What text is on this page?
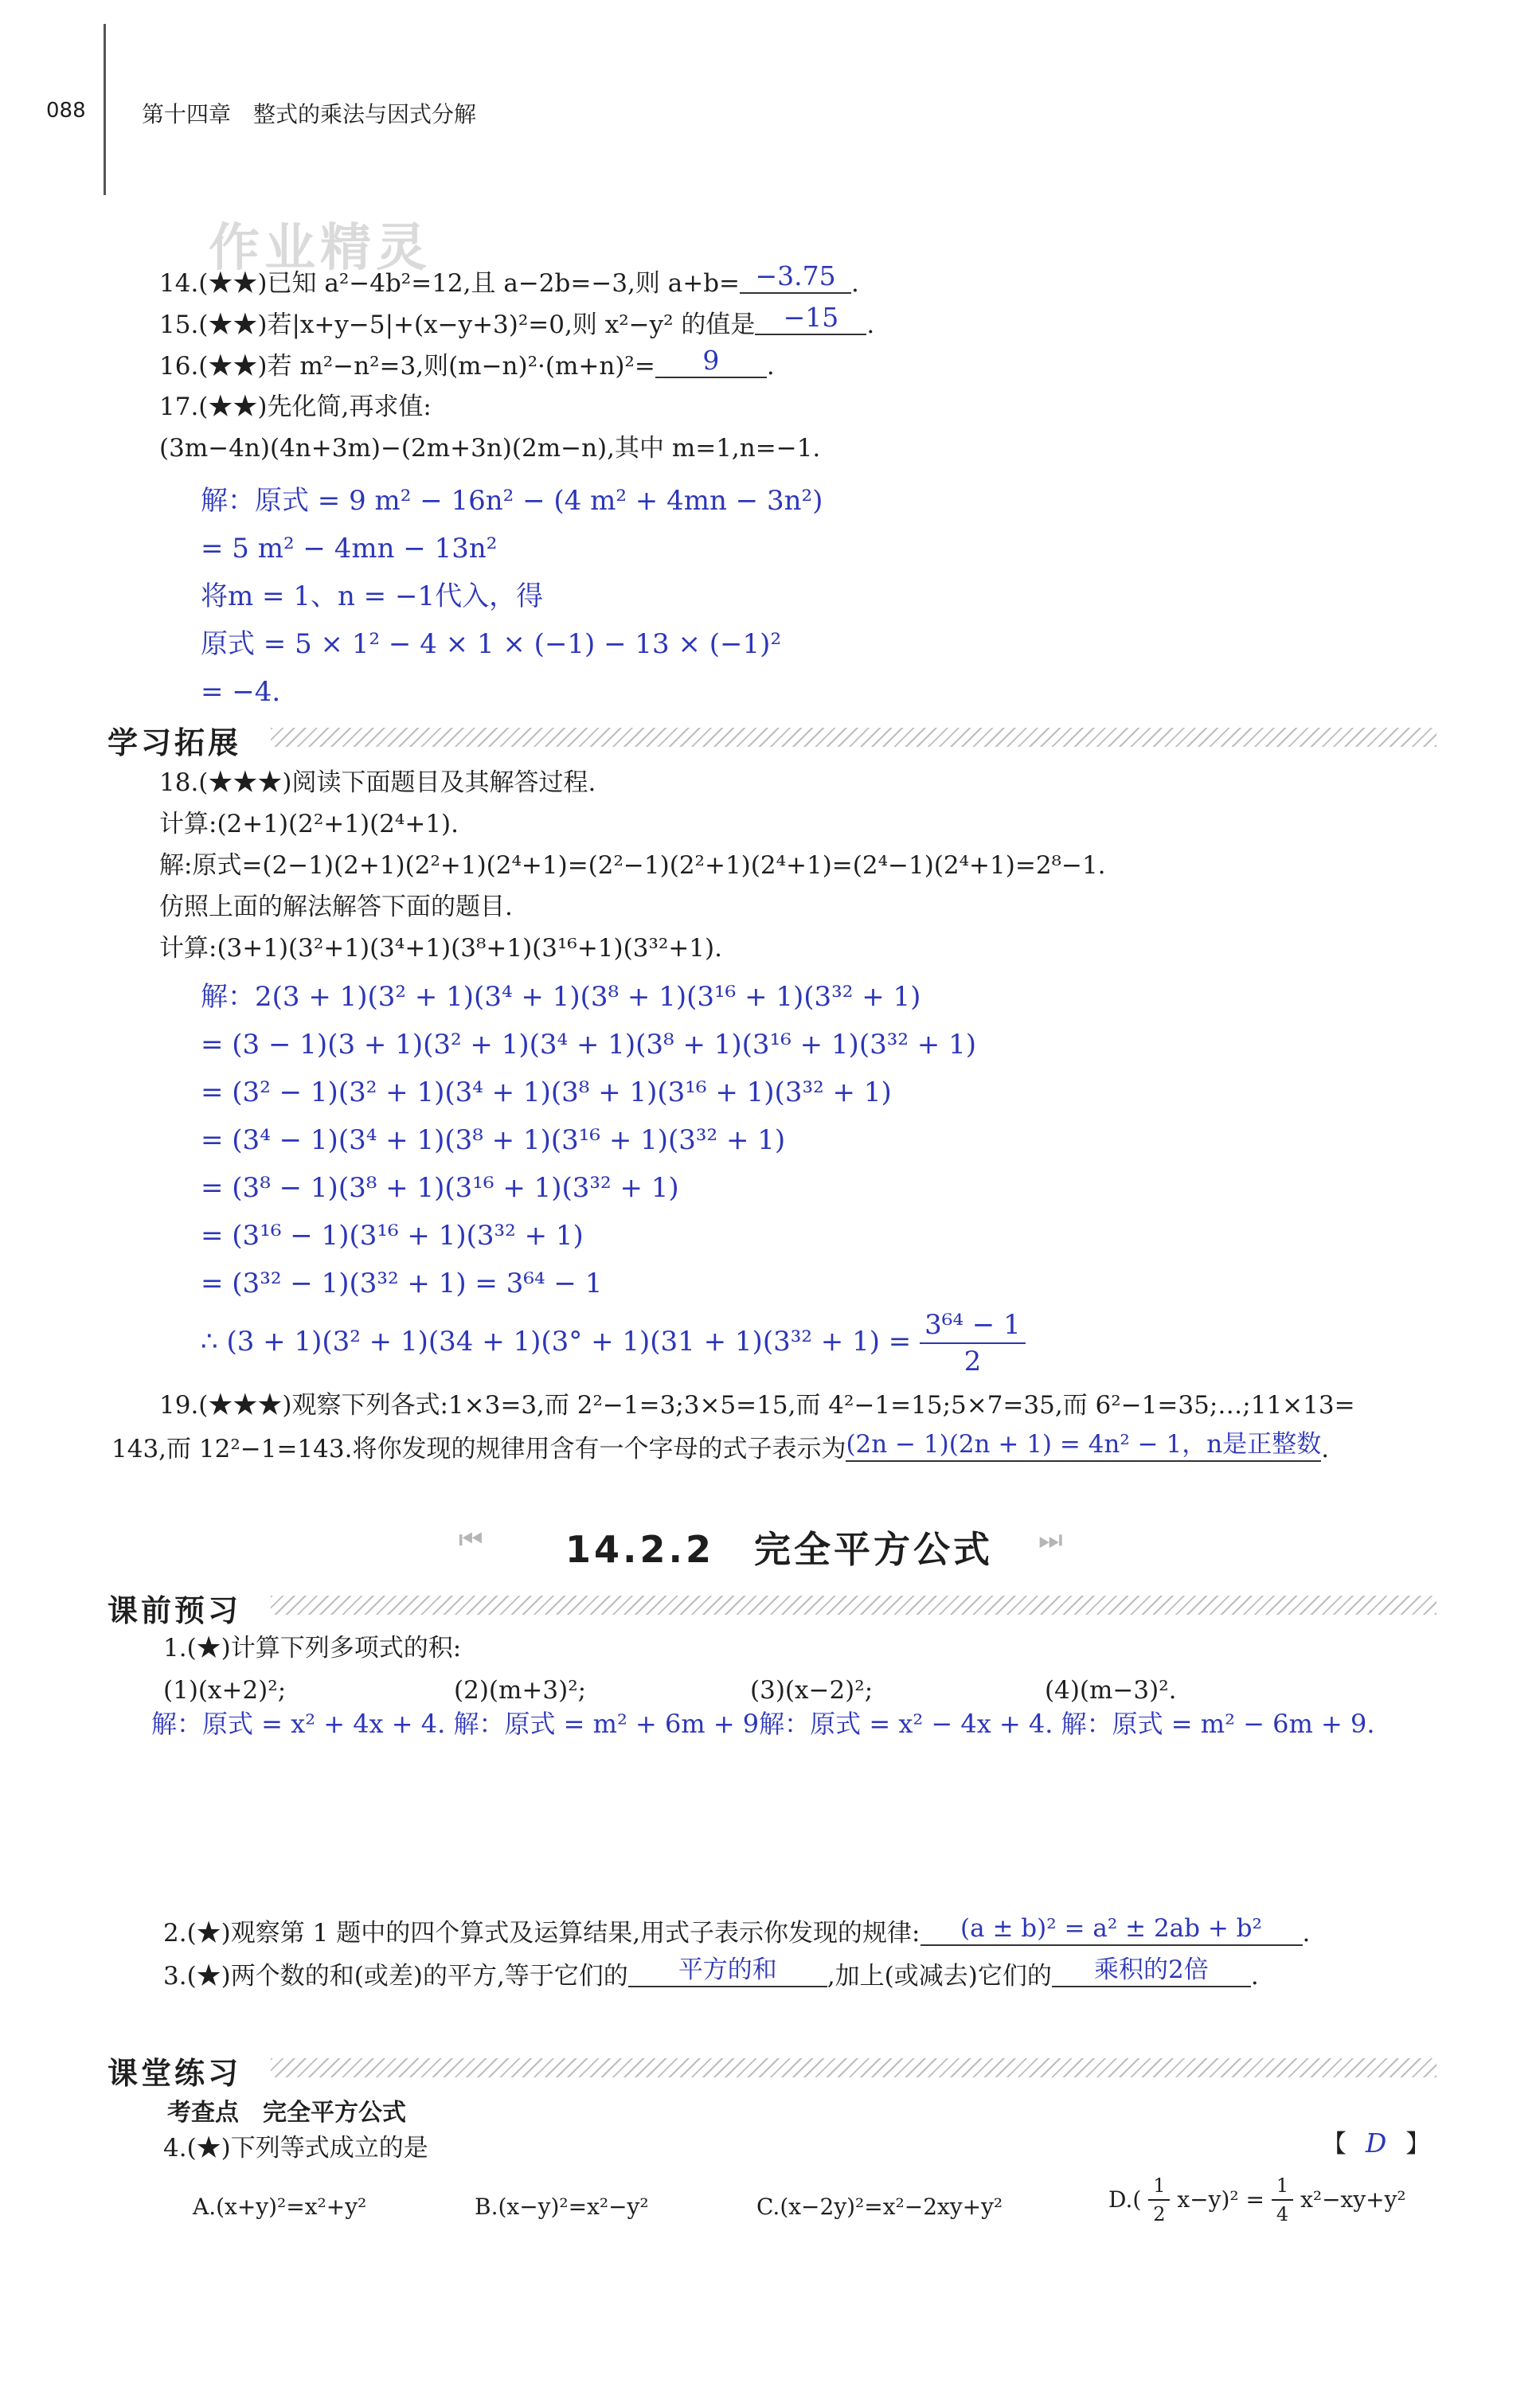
088	第十四章　整式的乘法与因式分解
作业精灵
14.(★★)已知 a²−4b²=12,且 a−2b=−3,则 a+b= −3.75 .
15.(★★)若|x+y−5|+(x−y+3)²=0,则 x²−y² 的值是 −15 .
16.(★★)若 m²−n²=3,则(m−n)²·(m+n)²= 9 .
17.(★★)先化简,再求值:
(3m−4n)(4n+3m)−(2m+3n)(2m−n),其中 m=1,n=−1.
解：原式 = 9 m² − 16n² − (4 m² + 4mn − 3n²)
= 5 m² − 4mn − 13n²
将m = 1、n = −1代入，得
原式 = 5 × 1² − 4 × 1 × (−1) − 13 × (−1)²
= −4.
学习拓展
18.(★★★)阅读下面题目及其解答过程.
计算:(2+1)(2²+1)(2⁴+1).
解:原式=(2−1)(2+1)(2²+1)(2⁴+1)=(2²−1)(2²+1)(2⁴+1)=(2⁴−1)(2⁴+1)=2⁸−1.
仿照上面的解法解答下面的题目.
计算:(3+1)(3²+1)(3⁴+1)(3⁸+1)(3¹⁶+1)(3³²+1).
解：2(3 + 1)(3² + 1)(3⁴ + 1)(3⁸ + 1)(3¹⁶ + 1)(3³² + 1)
= (3 − 1)(3 + 1)(3² + 1)(3⁴ + 1)(3⁸ + 1)(3¹⁶ + 1)(3³² + 1)
= (3² − 1)(3² + 1)(3⁴ + 1)(3⁸ + 1)(3¹⁶ + 1)(3³² + 1)
= (3⁴ − 1)(3⁴ + 1)(3⁸ + 1)(3¹⁶ + 1)(3³² + 1)
= (3⁸ − 1)(3⁸ + 1)(3¹⁶ + 1)(3³² + 1)
= (3¹⁶ − 1)(3¹⁶ + 1)(3³² + 1)
= (3³² − 1)(3³² + 1) = 3⁶⁴ − 1
∴ $(3 + 1)(3^2 + 1)(34 + 1)(3^\circ + 1)(31 + 1)(3^{32} + 1) = \frac{\text{3⁶⁴ − 1}}{2}$
19.(★★★)观察下列各式:1×3=3,而 2²−1=3;3×5=15,而 4²−1=15;5×7=35,而 6²−1=35;…;11×13=
143,而 12²−1=143.将你发现的规律用含有一个字母的式子表示为(2n − 1)(2n + 1) = 4n² − 1，n是正整数.
⏮ 14.2.2　完全平方公式 ⏭
课前预习
1.(★)计算下列多项式的积:
(1)(x+2)²;	(2)(m+3)²;	(3)(x−2)²;	(4)(m−3)².
解：原式 = x² + 4x + 4. 解：原式 = m² + 6m + 9解：原式 = x² − 4x + 4. 解：原式 = m² − 6m + 9.
2.(★)观察第 1 题中的四个算式及运算结果,用式子表示你发现的规律: (a ± b)² = a² ± 2ab + b² .
3.(★)两个数的和(或差)的平方,等于它们的 平方的和 ,加上(或减去)它们的 乘积的2倍 .
课堂练习
考查点　完全平方公式
4.(★)下列等式成立的是	【 D 】
A.(x+y)²=x²+y²	B.(x−y)²=x²−y²	C.(x−2y)²=x²−2xy+y²	$D.( \frac{1}{2} x-y)^2 = \frac{1}{4} x^2-xy+y^2$
